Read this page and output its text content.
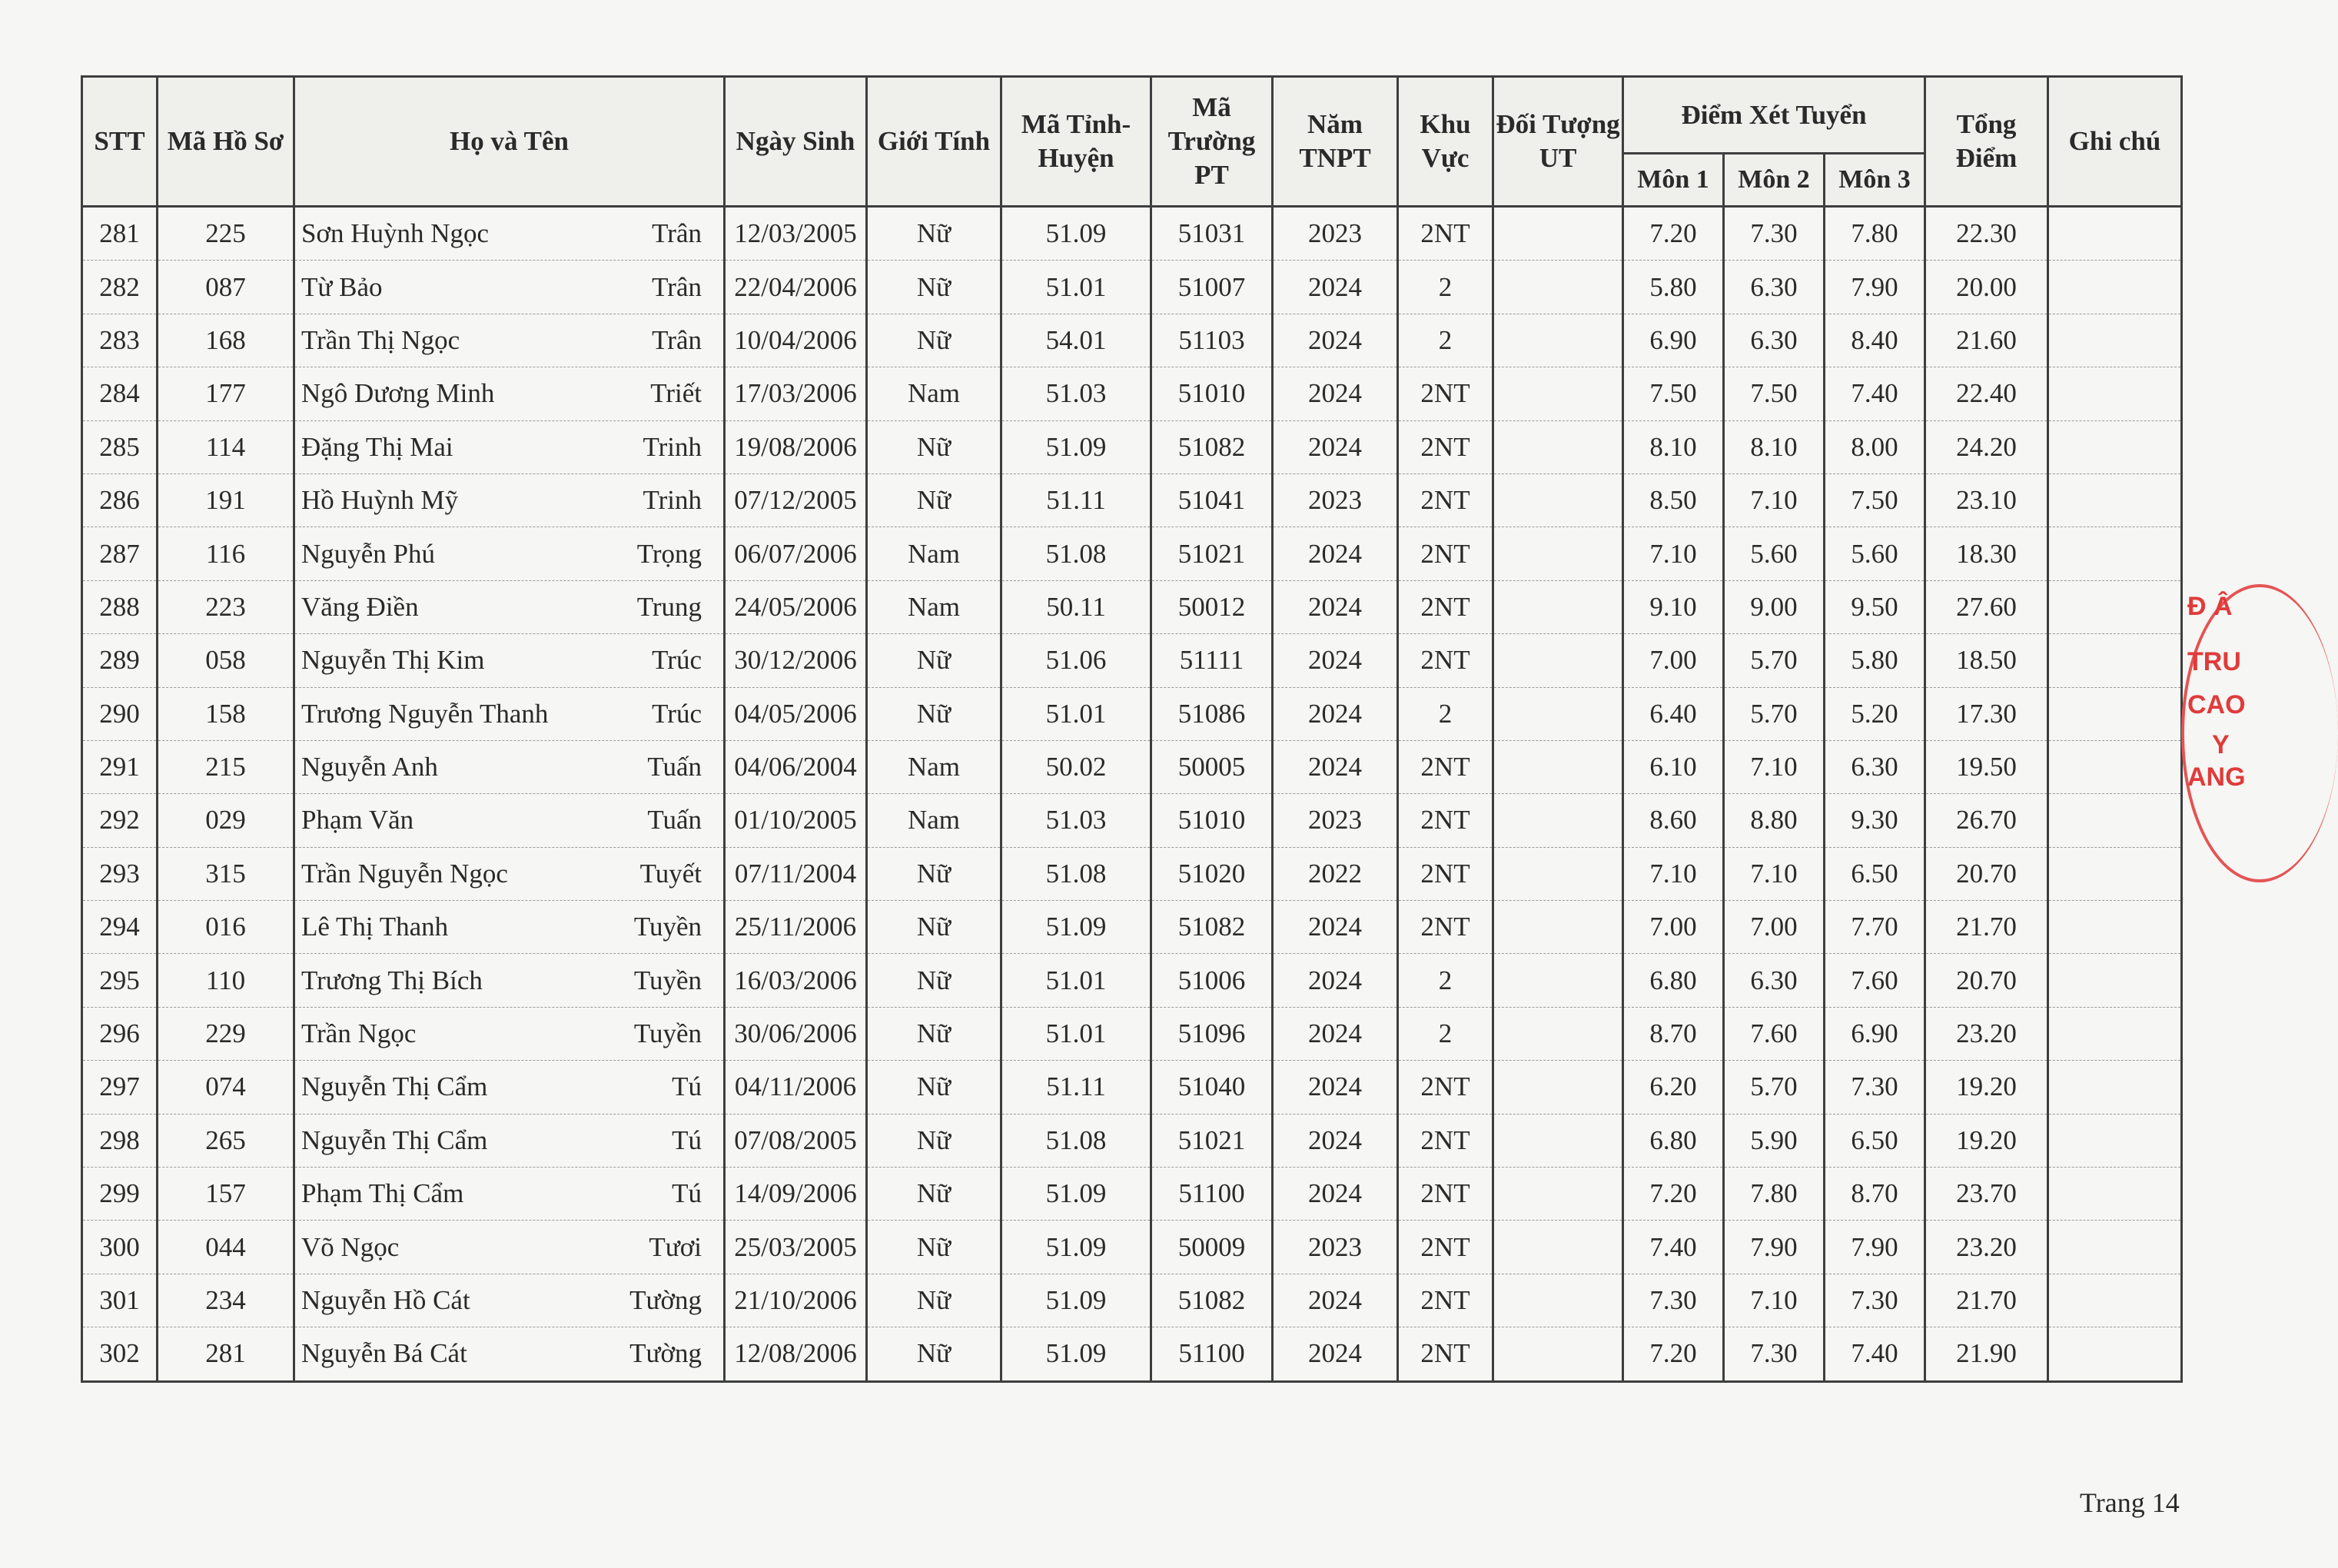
STT	Mã Hồ Sơ	Họ và Tên	Ngày Sinh	Giới Tính	Mã Tỉnh-Huyện	Mã Trường PT	Năm TNPT	Khu Vực	Đối Tượng UT	Điểm Xét Tuyển			Tổng Điểm	Ghi chú
										Môn 1	Môn 2	Môn 3		
281	225	Sơn Huỳnh Ngọc Trân	12/03/2005	Nữ	51.09	51031	2023	2NT		7.20	7.30	7.80	22.30	
282	087	Từ Bảo Trân	22/04/2006	Nữ	51.01	51007	2024	2		5.80	6.30	7.90	20.00	
283	168	Trần Thị Ngọc Trân	10/04/2006	Nữ	54.01	51103	2024	2		6.90	6.30	8.40	21.60	
284	177	Ngô Dương Minh Triết	17/03/2006	Nam	51.03	51010	2024	2NT		7.50	7.50	7.40	22.40	
285	114	Đặng Thị Mai Trinh	19/08/2006	Nữ	51.09	51082	2024	2NT		8.10	8.10	8.00	24.20	
286	191	Hồ Huỳnh Mỹ Trinh	07/12/2005	Nữ	51.11	51041	2023	2NT		8.50	7.10	7.50	23.10	
287	116	Nguyễn Phú Trọng	06/07/2006	Nam	51.08	51021	2024	2NT		7.10	5.60	5.60	18.30	
288	223	Văng Điền Trung	24/05/2006	Nam	50.11	50012	2024	2NT		9.10	9.00	9.50	27.60	
289	058	Nguyễn Thị Kim Trúc	30/12/2006	Nữ	51.06	51111	2024	2NT		7.00	5.70	5.80	18.50	
290	158	Trương Nguyễn Thanh Trúc	04/05/2006	Nữ	51.01	51086	2024	2		6.40	5.70	5.20	17.30	
291	215	Nguyễn Anh Tuấn	04/06/2004	Nam	50.02	50005	2024	2NT		6.10	7.10	6.30	19.50	
292	029	Phạm Văn Tuấn	01/10/2005	Nam	51.03	51010	2023	2NT		8.60	8.80	9.30	26.70	
293	315	Trần Nguyễn Ngọc Tuyết	07/11/2004	Nữ	51.08	51020	2022	2NT		7.10	7.10	6.50	20.70	
294	016	Lê Thị Thanh Tuyền	25/11/2006	Nữ	51.09	51082	2024	2NT		7.00	7.00	7.70	21.70	
295	110	Trương Thị Bích Tuyền	16/03/2006	Nữ	51.01	51006	2024	2		6.80	6.30	7.60	20.70	
296	229	Trần Ngọc Tuyền	30/06/2006	Nữ	51.01	51096	2024	2		8.70	7.60	6.90	23.20	
297	074	Nguyễn Thị Cẩm Tú	04/11/2006	Nữ	51.11	51040	2024	2NT		6.20	5.70	7.30	19.20	
298	265	Nguyễn Thị Cẩm Tú	07/08/2005	Nữ	51.08	51021	2024	2NT		6.80	5.90	6.50	19.20	
299	157	Phạm Thị Cẩm Tú	14/09/2006	Nữ	51.09	51100	2024	2NT		7.20	7.80	8.70	23.70	
300	044	Võ Ngọc Tươi	25/03/2005	Nữ	51.09	50009	2023	2NT		7.40	7.90	7.90	23.20	
301	234	Nguyễn Hồ Cát Tường	21/10/2006	Nữ	51.09	51082	2024	2NT		7.30	7.10	7.30	21.70	
302	281	Nguyễn Bá Cát Tường	12/08/2006	Nữ	51.09	51100	2024	2NT		7.20	7.30	7.40	21.90	
Đ Â
TRU
CAO
Y
ANG
Trang 14
